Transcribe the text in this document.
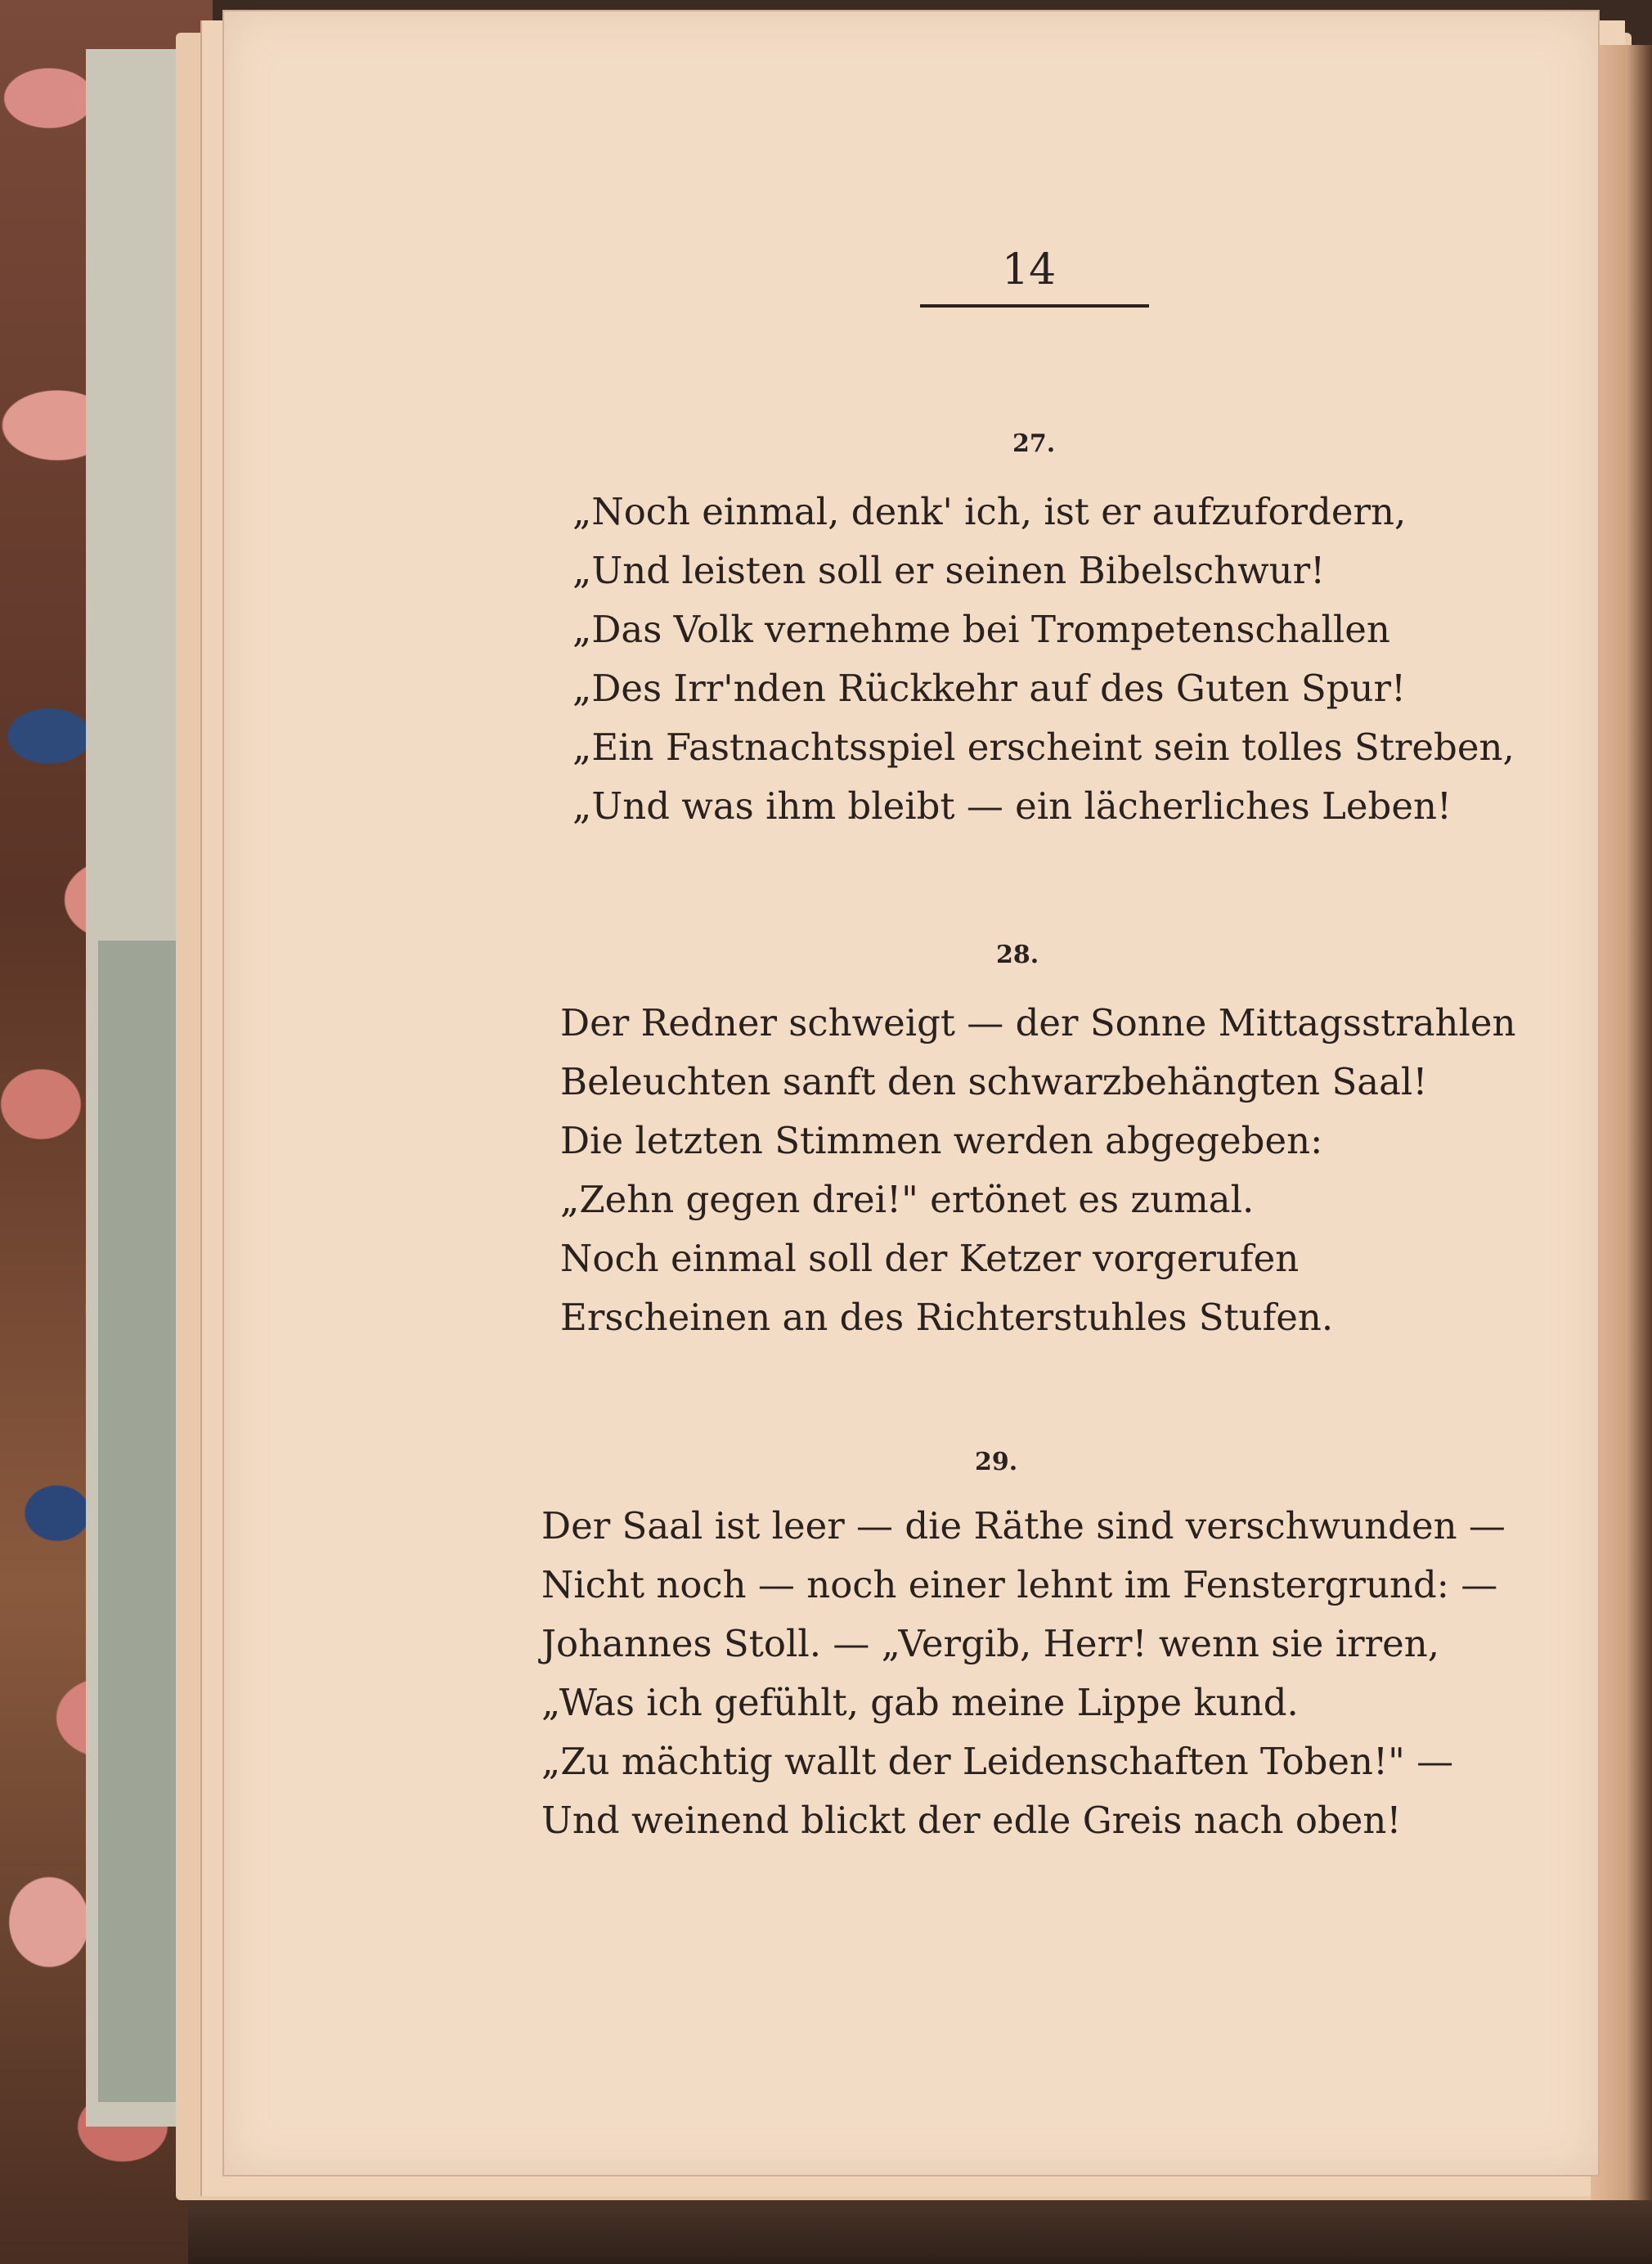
14
27.
„Noch einmal, denk' ich, ist er aufzufordern,
„Und leisten soll er seinen Bibelschwur!
„Das Volk vernehme bei Trompetenschallen
„Des Irr'nden Rückkehr auf des Guten Spur!
„Ein Fastnachtsspiel erscheint sein tolles Streben,
„Und was ihm bleibt — ein lächerliches Leben!
28.
Der Redner schweigt — der Sonne Mittagsstrahlen
Beleuchten sanft den schwarzbehängten Saal!
Die letzten Stimmen werden abgegeben:
„Zehn gegen drei!" ertönet es zumal.
Noch einmal soll der Ketzer vorgerufen
Erscheinen an des Richterstuhles Stufen.
29.
Der Saal ist leer — die Räthe sind verschwunden —
Nicht noch — noch einer lehnt im Fenstergrund: —
Johannes Stoll. — „Vergib, Herr! wenn sie irren,
„Was ich gefühlt, gab meine Lippe kund.
„Zu mächtig wallt der Leidenschaften Toben!" —
Und weinend blickt der edle Greis nach oben!
